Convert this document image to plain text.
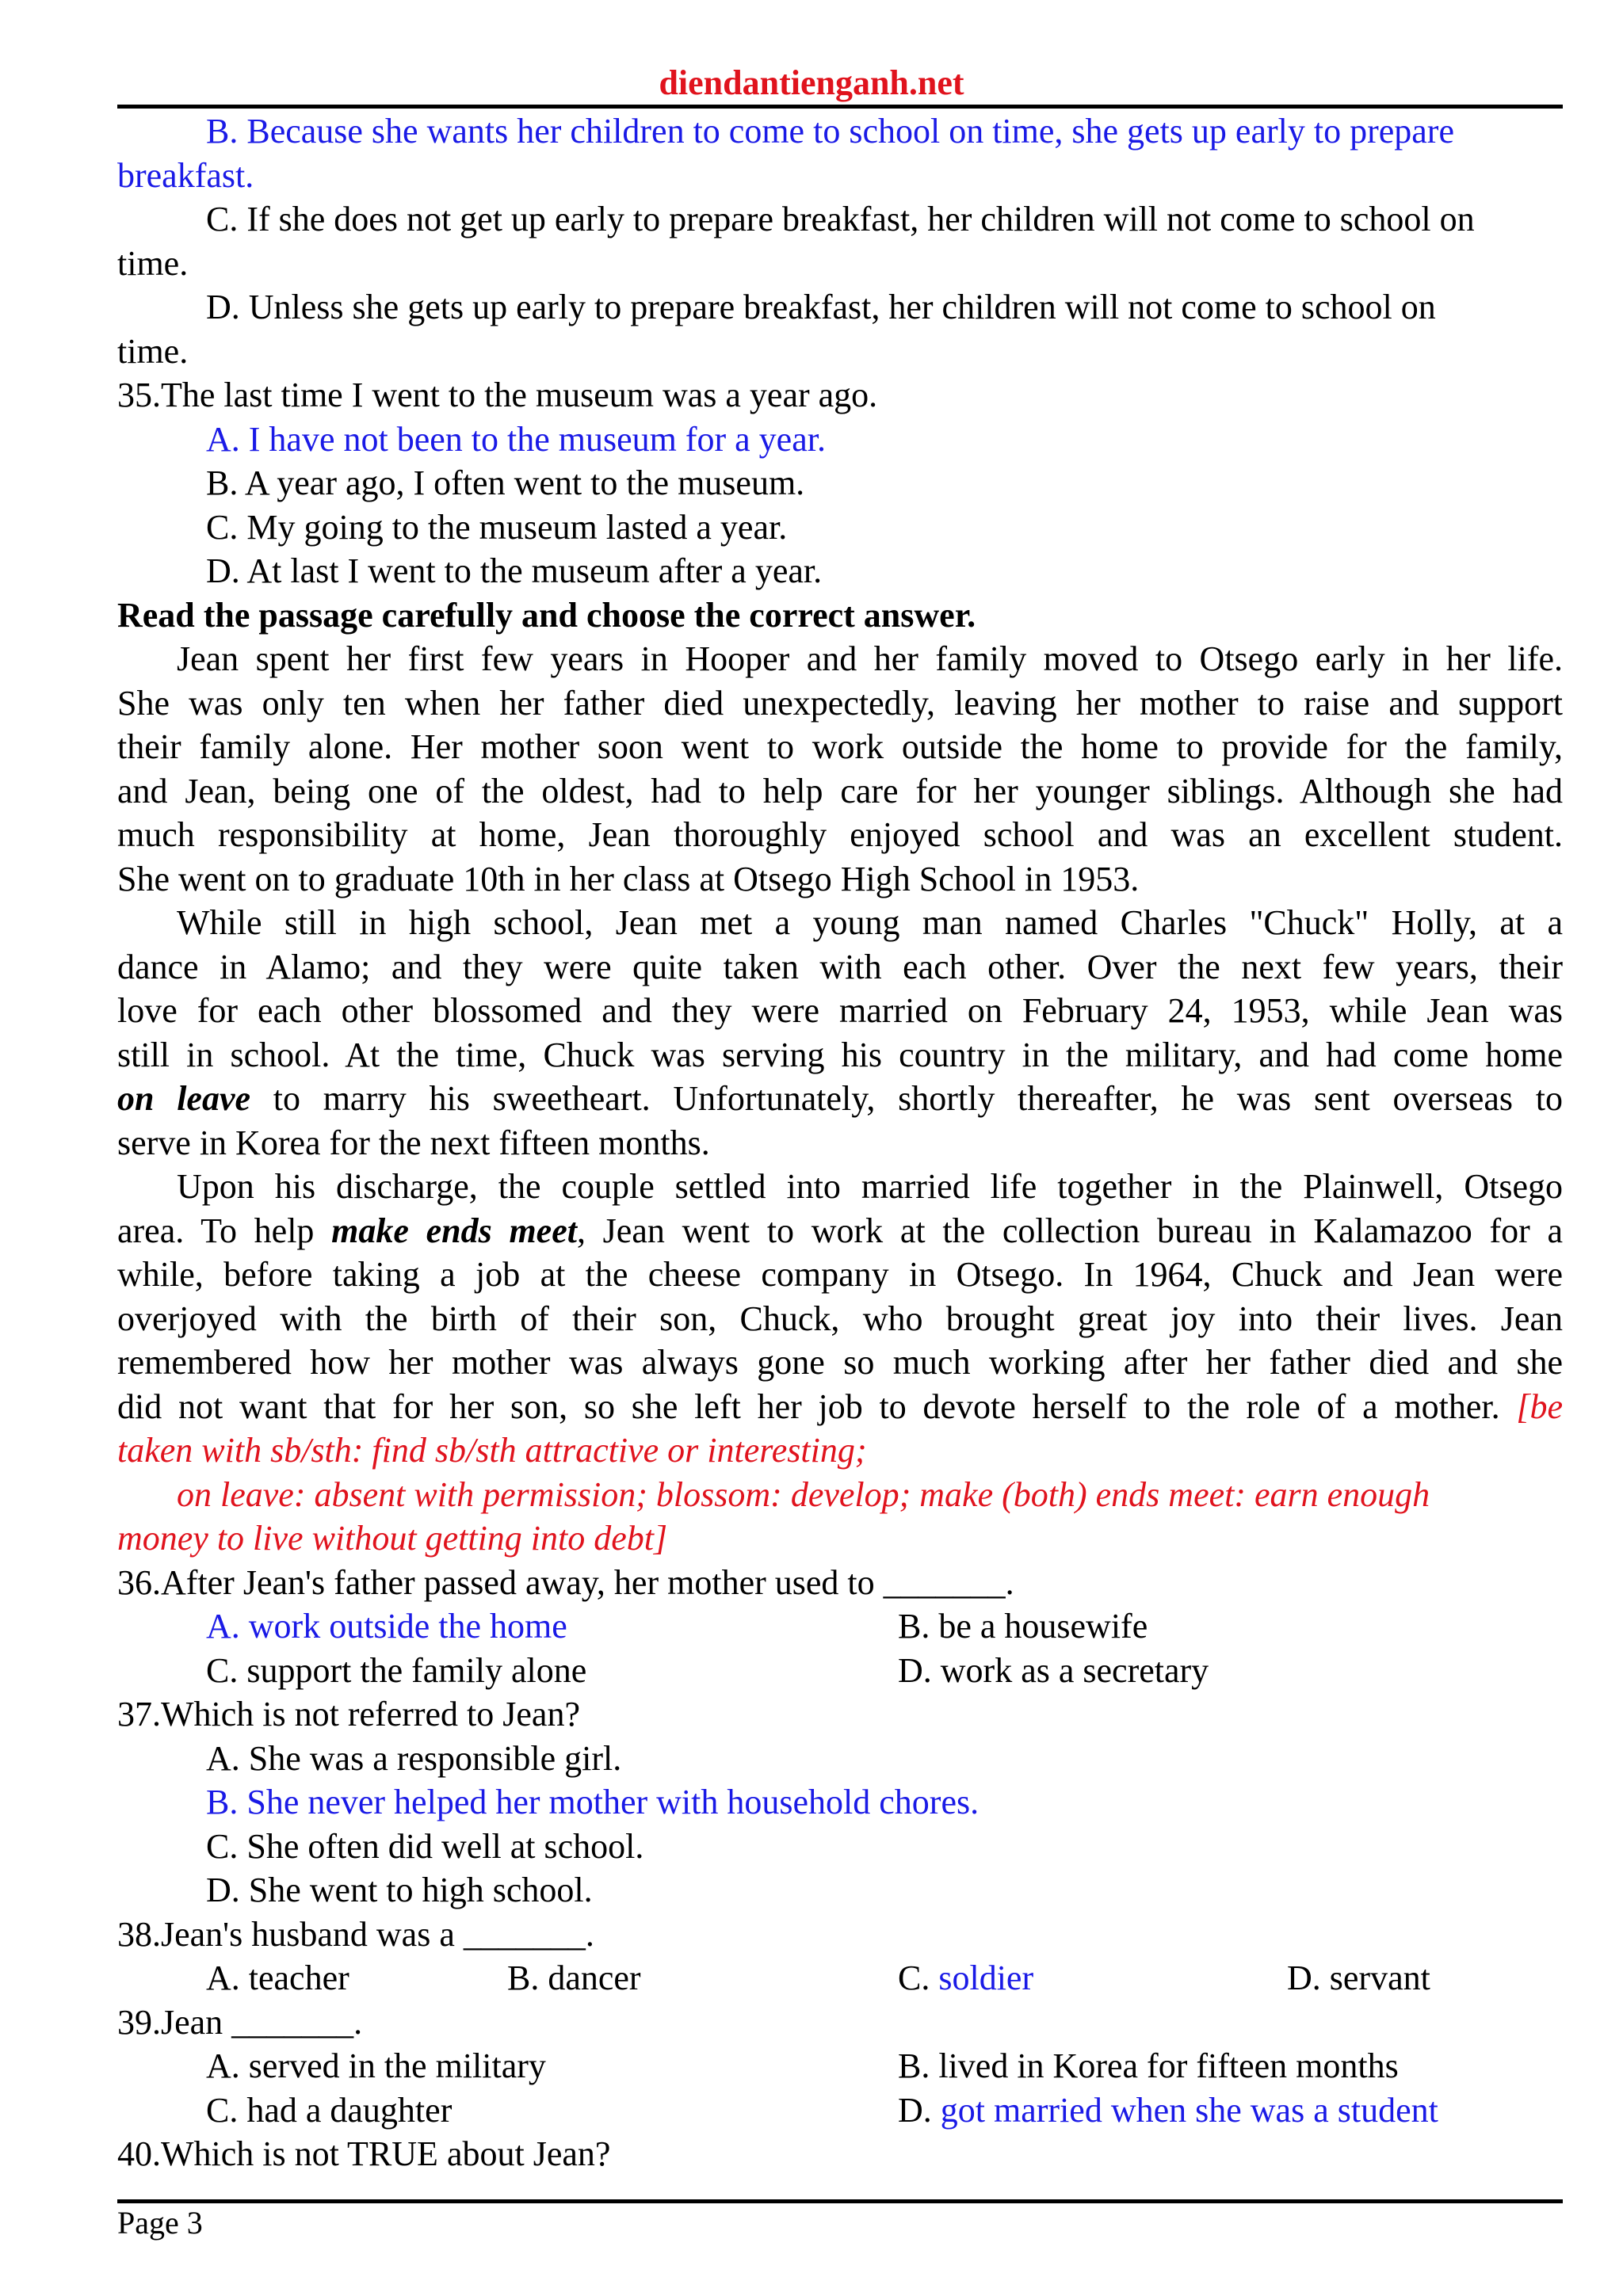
diendantienganh.net
B. Because she wants her children to come to school on time, she gets up early to prepare
breakfast.
C. If she does not get up early to prepare breakfast, her children will not come to school on
time.
D. Unless she gets up early to prepare breakfast, her children will not come to school on
time.
35.The last time I went to the museum was a year ago.
A. I have not been to the museum for a year.
B. A year ago, I often went to the museum.
C. My going to the museum lasted a year.
D. At last I went to the museum after a year.
Read the passage carefully and choose the correct answer.
Jean spent her first few years in Hooper and her family moved to Otsego early in her life.
She was only ten when her father died unexpectedly, leaving her mother to raise and support
their family alone. Her mother soon went to work outside the home to provide for the family,
and Jean, being one of the oldest, had to help care for her younger siblings. Although she had
much responsibility at home, Jean thoroughly enjoyed school and was an excellent student.
She went on to graduate 10th in her class at Otsego High School in 1953.
While still in high school, Jean met a young man named Charles "Chuck" Holly, at a
dance in Alamo; and they were quite taken with each other. Over the next few years, their
love for each other blossomed and they were married on February 24, 1953, while Jean was
still in school. At the time, Chuck was serving his country in the military, and had come home
on leave to marry his sweetheart. Unfortunately, shortly thereafter, he was sent overseas to
serve in Korea for the next fifteen months.
Upon his discharge, the couple settled into married life together in the Plainwell, Otsego
area. To help make ends meet, Jean went to work at the collection bureau in Kalamazoo for a
while, before taking a job at the cheese company in Otsego. In 1964, Chuck and Jean were
overjoyed with the birth of their son, Chuck, who brought great joy into their lives. Jean
remembered how her mother was always gone so much working after her father died and she
did not want that for her son, so she left her job to devote herself to the role of a mother. [be
taken with sb/sth: find sb/sth attractive or interesting;
on leave: absent with permission; blossom: develop; make (both) ends meet: earn enough
money to live without getting into debt]
36.After Jean's father passed away, her mother used to _______.
A. work outside the home	B. be a housewife
C. support the family alone	D. work as a secretary
37.Which is not referred to Jean?
A. She was a responsible girl.
B. She never helped her mother with household chores.
C. She often did well at school.
D. She went to high school.
38.Jean's husband was a _______.
A. teacher	B. dancer	C. soldier	D. servant
39.Jean _______.
A. served in the military	B. lived in Korea for fifteen months
C. had a daughter	D. got married when she was a student
40.Which is not TRUE about Jean?
Page 3
